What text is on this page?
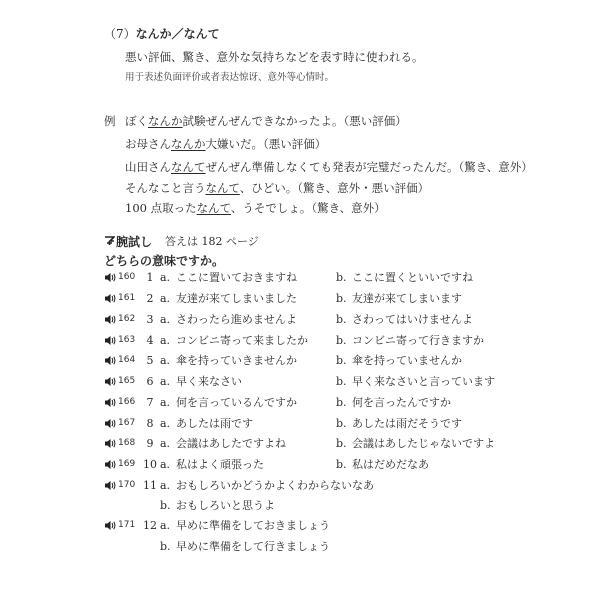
（7）なんか／なんて
悪い評価、驚き、意外な気持ちなどを表す時に使われる。
用于表述负面评价或者表达惊讶、意外等心情时。
例 ぼくなんか試験ぜんぜんできなかったよ。（悪い評価）
お母さんなんか大嫌いだ。（悪い評価）
山田さんなんてぜんぜん準備しなくても発表が完璧だったんだ。（驚き、意外）
そんなこと言うなんて、ひどい。（驚き、意外・悪い評価）
100 点取ったなんて、うそでしょ。（驚き、意外）
腕試し 答えは 182 ページ
どちらの意味ですか。
160	1 a. ここに置いておきますね	b. ここに置くといいですね
161	2 a. 友達が来てしまいました	b. 友達が来てしまいます
162	3 a. さわったら進めませんよ	b. さわってはいけませんよ
163	4 a. コンビニ寄って来ましたか	b. コンビニ寄って行きますか
164	5 a. 傘を持っていきませんか	b. 傘を持っていませんか
165	6 a. 早く来なさい	b. 早く来なさいと言っています
166	7 a. 何を言っているんですか	b. 何を言ったんですか
167	8 a. あしたは雨です	b. あしたは雨だそうです
168	9 a. 会議はあしたですよね	b. 会議はあしたじゃないですよ
169 10 a. 私はよく頑張った	b. 私はだめだなあ
170 11 a. おもしろいかどうかよくわからないなあ
b. おもしろいと思うよ
171 12 a. 早めに準備をしておきましょう
b. 早めに準備をして行きましょう
